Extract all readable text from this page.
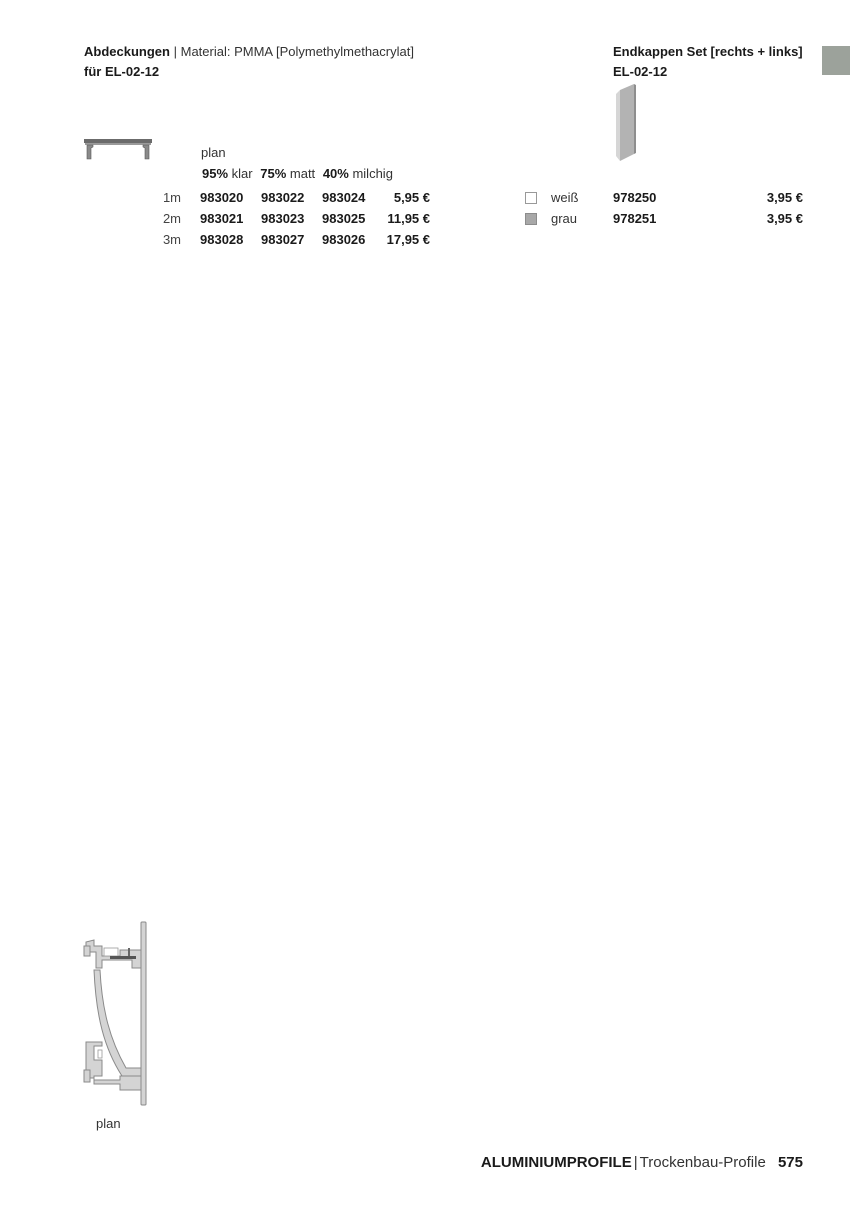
Abdeckungen | Material: PMMA [Polymethylmethacrylat]
für EL-02-12
Endkappen Set [rechts + links]
EL-02-12
plan
95% klar 75% matt 40% milchig
1m 983020 983022 983024	5,95 €
2m 983021 983023 983025	11,95 €
3m 983028 983027 983026	17,95 €
weiß	978250	3,95 €
grau	978251	3,95 €
plan
ALUMINIUMPROFILE | Trockenbau-Profile 575
